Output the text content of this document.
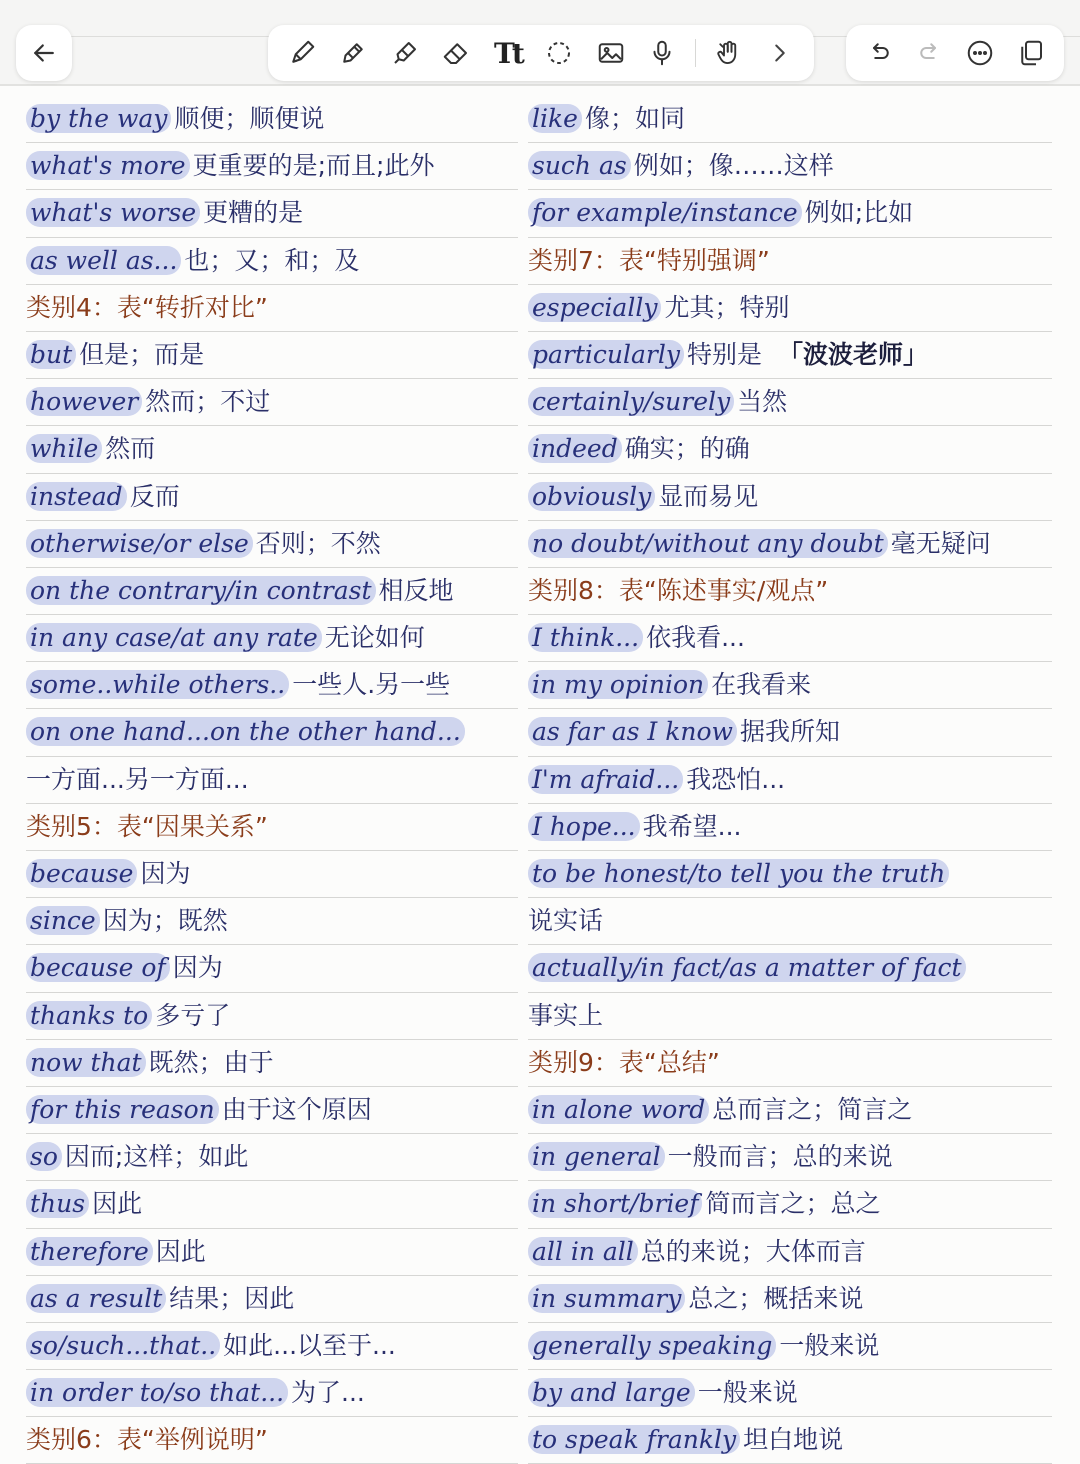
Tt
by the way 顺便；顺便说
what's more 更重要的是;而且;此外
what's worse 更糟的是
as well as... 也；又；和；及
类别4：表“转折对比”
but 但是；而是
however 然而；不过
while 然而
instead 反而
otherwise/or else 否则；不然
on the contrary/in contrast 相反地
in any case/at any rate 无论如何
some..while others.. 一些人.另一些
on one hand...on the other hand...
一方面...另一方面...
类别5：表“因果关系”
because 因为
since 因为；既然
because of 因为
thanks to 多亏了
now that 既然；由于
for this reason 由于这个原因
so 因而;这样；如此
thus 因此
therefore 因此
as a result 结果；因此
so/such...that.. 如此...以至于...
in order to/so that... 为了...
类别6：表“举例说明”
like 像；如同
such as 例如；像……这样
for example/instance 例如;比如
类别7：表“特别强调”
especially 尤其；特别
particularly 特别是 「波波老师」
certainly/surely 当然
indeed 确实；的确
obviously 显而易见
no doubt/without any doubt 毫无疑问
类别8：表“陈述事实/观点”
I think... 依我看...
in my opinion 在我看来
as far as I know 据我所知
I'm afraid... 我恐怕...
I hope... 我希望...
to be honest/to tell you the truth
说实话
actually/in fact/as a matter of fact
事实上
类别9：表“总结”
in alone word 总而言之；简言之
in general 一般而言；总的来说
in short/brief 简而言之；总之
all in all 总的来说；大体而言
in summary 总之；概括来说
generally speaking 一般来说
by and large 一般来说
to speak frankly 坦白地说
